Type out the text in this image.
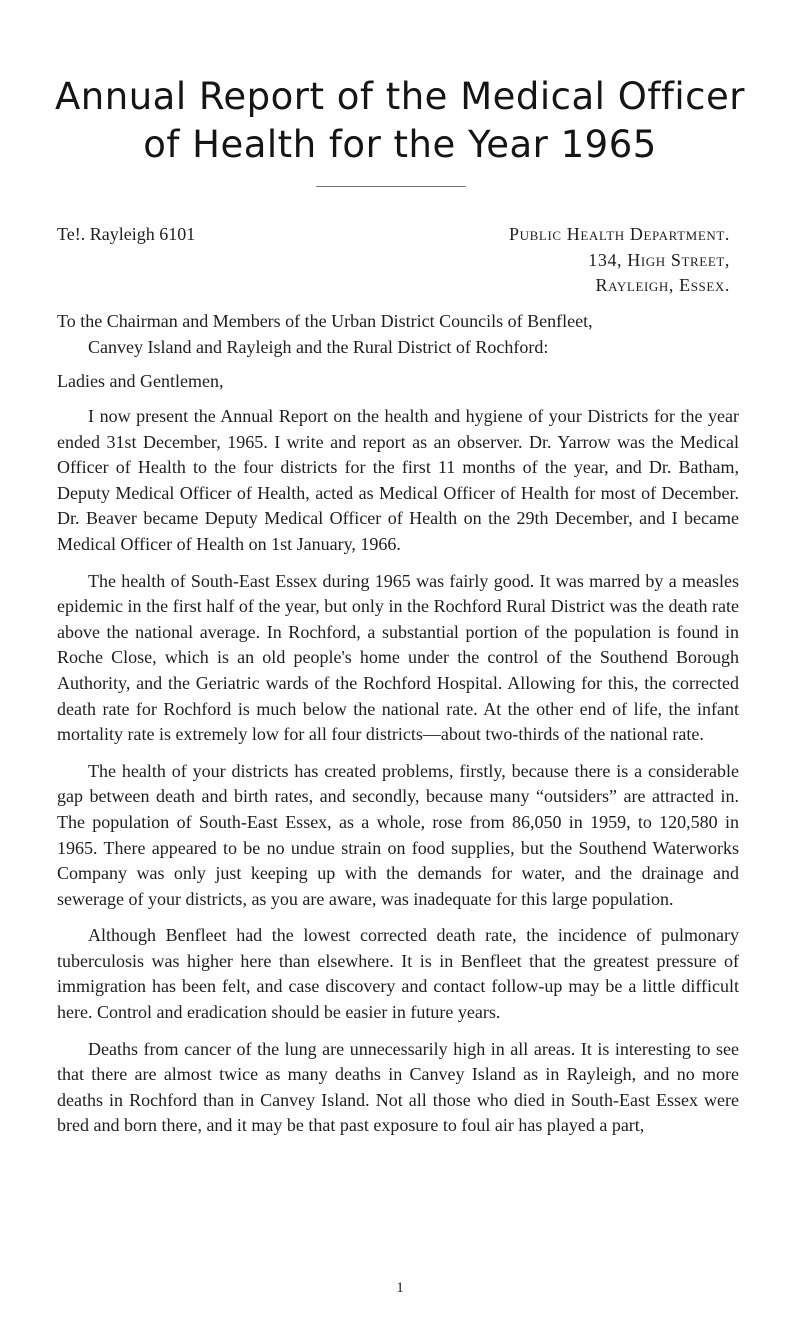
Annual Report of the Medical Officer
of Health for the Year 1965
Te!. Rayleigh 6101	Public Health Department.
134, High Street,
Rayleigh, Essex.
To the Chairman and Members of the Urban District Councils of Benfleet,
Canvey Island and Rayleigh and the Rural District of Rochford:
Ladies and Gentlemen,

I now present the Annual Report on the health and hygiene of your Districts for the year ended 31st December, 1965. I write and report as an observer. Dr. Yarrow was the Medical Officer of Health to the four districts for the first 11 months of the year, and Dr. Batham, Deputy Medical Officer of Health, acted as Medical Officer of Health for most of December. Dr. Beaver became Deputy Medical Officer of Health on the 29th December, and I became Medical Officer of Health on 1st January, 1966.

The health of South-East Essex during 1965 was fairly good. It was marred by a measles epidemic in the first half of the year, but only in the Rochford Rural District was the death rate above the national average. In Rochford, a substantial portion of the population is found in Roche Close, which is an old people's home under the control of the Southend Borough Authority, and the Geriatric wards of the Rochford Hospital. Allowing for this, the corrected death rate for Rochford is much below the national rate. At the other end of life, the infant mortality rate is extremely low for all four districts—about two-thirds of the national rate.

The health of your districts has created problems, firstly, because there is a considerable gap between death and birth rates, and secondly, because many “outsiders” are attracted in. The population of South-East Essex, as a whole, rose from 86,050 in 1959, to 120,580 in 1965. There appeared to be no undue strain on food supplies, but the Southend Waterworks Company was only just keeping up with the demands for water, and the drainage and sewerage of your districts, as you are aware, was inadequate for this large population.

Although Benfleet had the lowest corrected death rate, the incidence of pulmonary tuberculosis was higher here than elsewhere. It is in Benfleet that the greatest pressure of immigration has been felt, and case discovery and contact follow-up may be a little difficult here. Control and eradication should be easier in future years.

Deaths from cancer of the lung are unnecessarily high in all areas. It is interesting to see that there are almost twice as many deaths in Canvey Island as in Rayleigh, and no more deaths in Rochford than in Canvey Island. Not all those who died in South-East Essex were bred and born there, and it may be that past exposure to foul air has played a part,

1
